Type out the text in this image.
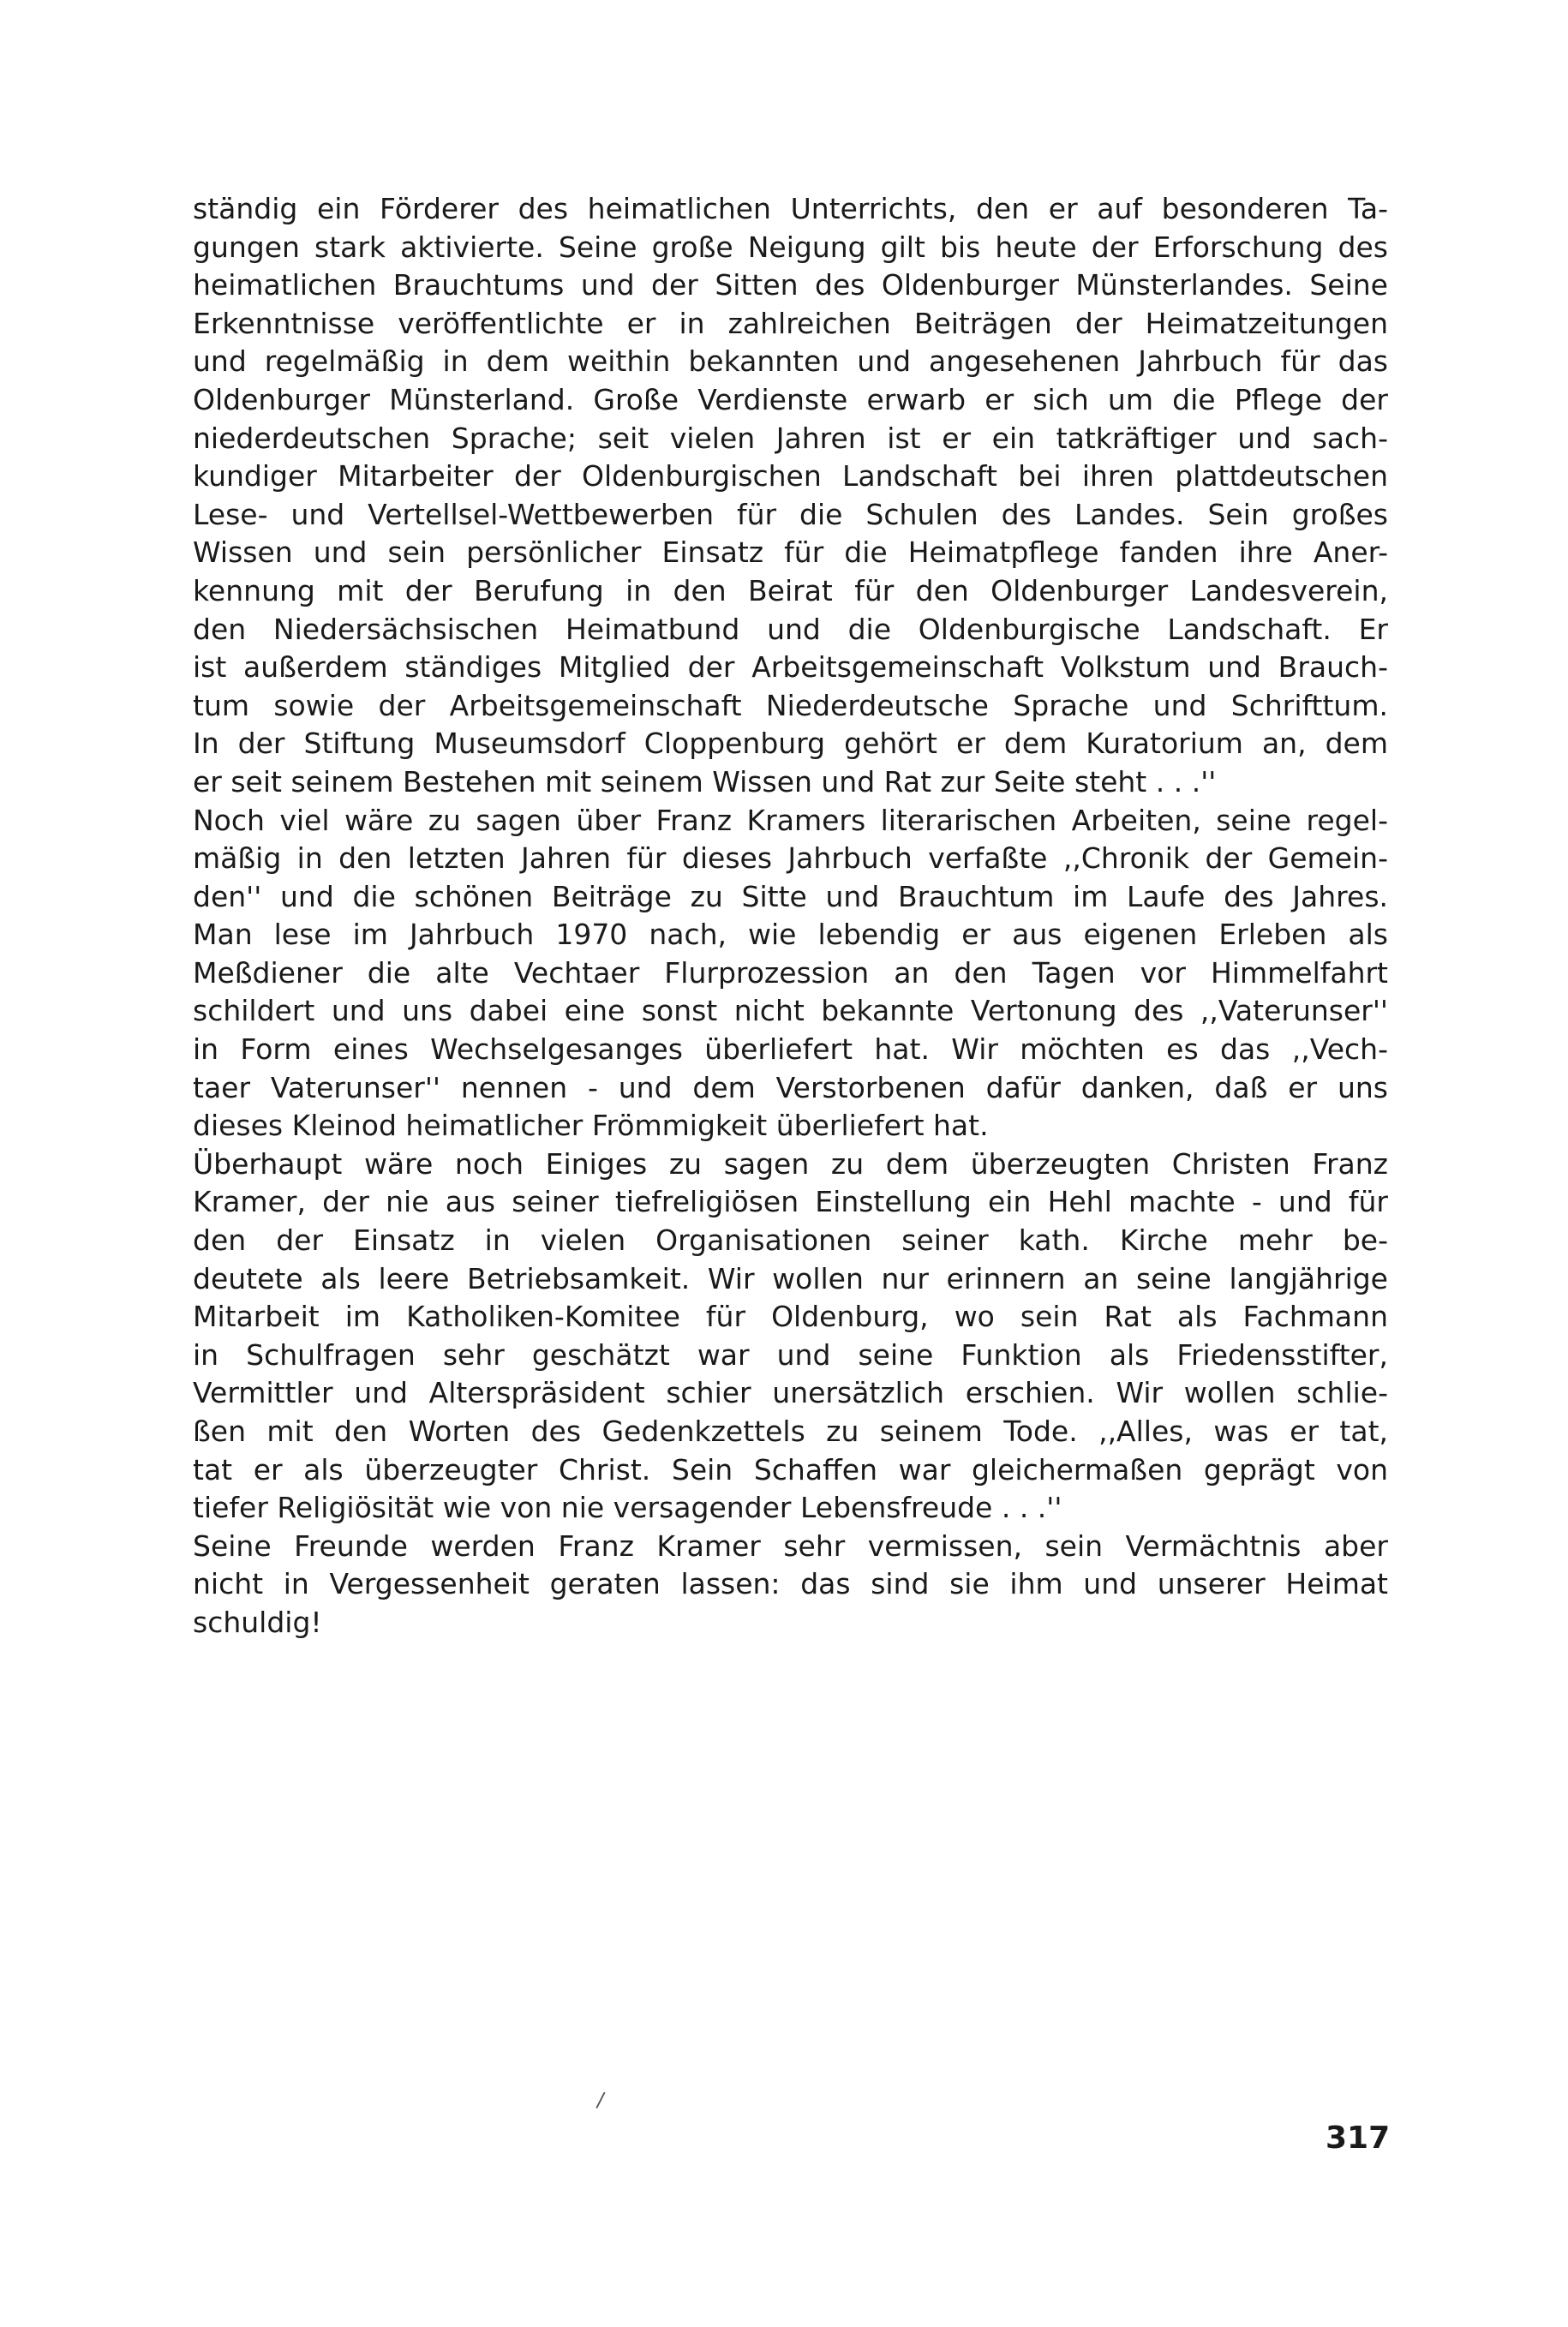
ständig ein Förderer des heimatlichen Unterrichts, den er auf besonderen Ta-
gungen stark aktivierte. Seine große Neigung gilt bis heute der Erforschung des
heimatlichen Brauchtums und der Sitten des Oldenburger Münsterlandes. Seine
Erkenntnisse veröffentlichte er in zahlreichen Beiträgen der Heimatzeitungen
und regelmäßig in dem weithin bekannten und angesehenen Jahrbuch für das
Oldenburger Münsterland. Große Verdienste erwarb er sich um die Pflege der
niederdeutschen Sprache; seit vielen Jahren ist er ein tatkräftiger und sach-
kundiger Mitarbeiter der Oldenburgischen Landschaft bei ihren plattdeutschen
Lese- und Vertellsel-Wettbewerben für die Schulen des Landes. Sein großes
Wissen und sein persönlicher Einsatz für die Heimatpflege fanden ihre Aner-
kennung mit der Berufung in den Beirat für den Oldenburger Landesverein,
den Niedersächsischen Heimatbund und die Oldenburgische Landschaft. Er
ist außerdem ständiges Mitglied der Arbeitsgemeinschaft Volkstum und Brauch-
tum sowie der Arbeitsgemeinschaft Niederdeutsche Sprache und Schrifttum.
In der Stiftung Museumsdorf Cloppenburg gehört er dem Kuratorium an, dem
er seit seinem Bestehen mit seinem Wissen und Rat zur Seite steht . . .''
Noch viel wäre zu sagen über Franz Kramers literarischen Arbeiten, seine regel-
mäßig in den letzten Jahren für dieses Jahrbuch verfaßte ,,Chronik der Gemein-
den'' und die schönen Beiträge zu Sitte und Brauchtum im Laufe des Jahres.
Man lese im Jahrbuch 1970 nach, wie lebendig er aus eigenen Erleben als
Meßdiener die alte Vechtaer Flurprozession an den Tagen vor Himmelfahrt
schildert und uns dabei eine sonst nicht bekannte Vertonung des ,,Vaterunser''
in Form eines Wechselgesanges überliefert hat. Wir möchten es das ,,Vech-
taer Vaterunser'' nennen - und dem Verstorbenen dafür danken, daß er uns
dieses Kleinod heimatlicher Frömmigkeit überliefert hat.
Überhaupt wäre noch Einiges zu sagen zu dem überzeugten Christen Franz
Kramer, der nie aus seiner tiefreligiösen Einstellung ein Hehl machte - und für
den der Einsatz in vielen Organisationen seiner kath. Kirche mehr be-
deutete als leere Betriebsamkeit. Wir wollen nur erinnern an seine langjährige
Mitarbeit im Katholiken-Komitee für Oldenburg, wo sein Rat als Fachmann
in Schulfragen sehr geschätzt war und seine Funktion als Friedensstifter,
Vermittler und Alterspräsident schier unersätzlich erschien. Wir wollen schlie-
ßen mit den Worten des Gedenkzettels zu seinem Tode. ,,Alles, was er tat,
tat er als überzeugter Christ. Sein Schaffen war gleichermaßen geprägt von
tiefer Religiösität wie von nie versagender Lebensfreude . . .''
Seine Freunde werden Franz Kramer sehr vermissen, sein Vermächtnis aber
nicht in Vergessenheit geraten lassen: das sind sie ihm und unserer Heimat
schuldig!
/
317
